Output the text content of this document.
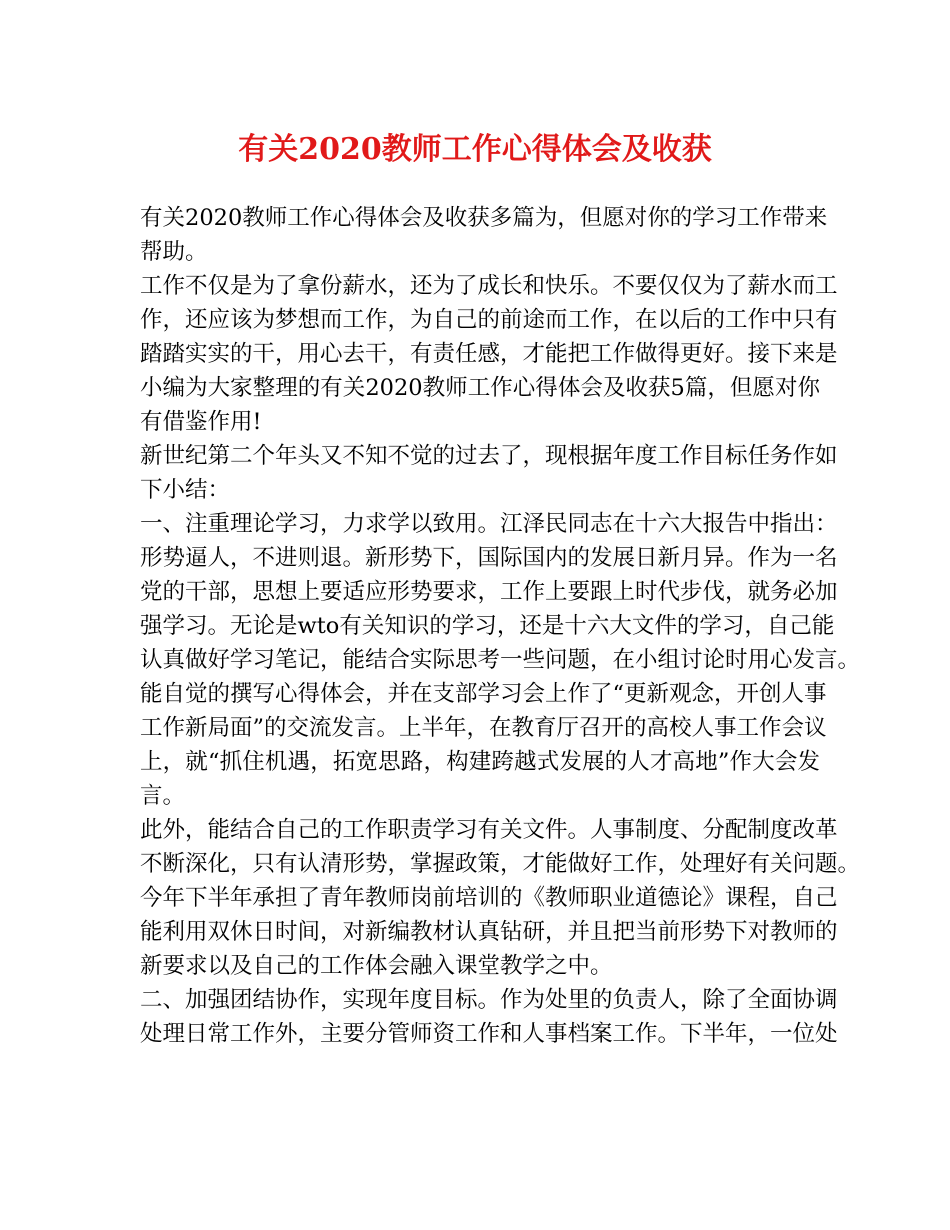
有关2020教师工作心得体会及收获
有关2020教师工作心得体会及收获多篇为，但愿对你的学习工作带来
帮助。
工作不仅是为了拿份薪水，还为了成长和快乐。不要仅仅为了薪水而工
作，还应该为梦想而工作，为自己的前途而工作，在以后的工作中只有
踏踏实实的干，用心去干，有责任感，才能把工作做得更好。接下来是
小编为大家整理的有关2020教师工作心得体会及收获5篇，但愿对你
有借鉴作用!
新世纪第二个年头又不知不觉的过去了，现根据年度工作目标任务作如
下小结：
一、注重理论学习，力求学以致用。江泽民同志在十六大报告中指出：
形势逼人，不进则退。新形势下，国际国内的发展日新月异。作为一名
党的干部，思想上要适应形势要求，工作上要跟上时代步伐，就务必加
强学习。无论是wto有关知识的学习，还是十六大文件的学习，自己能
认真做好学习笔记，能结合实际思考一些问题，在小组讨论时用心发言。
能自觉的撰写心得体会，并在支部学习会上作了“更新观念，开创人事
工作新局面”的交流发言。上半年，在教育厅召开的高校人事工作会议
上，就“抓住机遇，拓宽思路，构建跨越式发展的人才高地”作大会发
言。
此外，能结合自己的工作职责学习有关文件。人事制度、分配制度改革
不断深化，只有认清形势，掌握政策，才能做好工作，处理好有关问题。
今年下半年承担了青年教师岗前培训的《教师职业道德论》课程，自己
能利用双休日时间，对新编教材认真钻研，并且把当前形势下对教师的
新要求以及自己的工作体会融入课堂教学之中。
二、加强团结协作，实现年度目标。作为处里的负责人，除了全面协调
处理日常工作外，主要分管师资工作和人事档案工作。下半年，一位处
